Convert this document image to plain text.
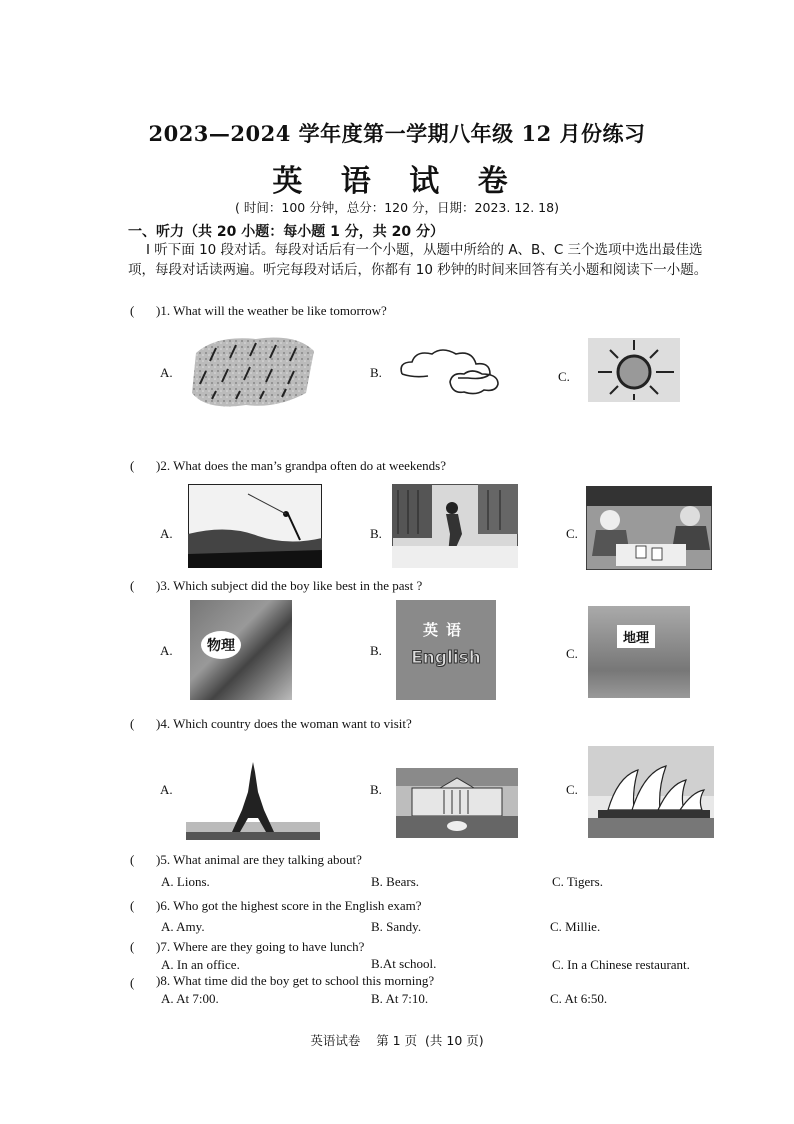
2023—2024 学年度第一学期八年级 12 月份练习
英 语 试 卷
( 时间：100 分钟，总分：120 分，日期：2023. 12. 18)
一、听力（共 20 小题：每小题 1 分，共 20 分）
Ⅰ 听下面 10 段对话。每段对话后有一个小题，从题中所给的 A、B、C 三个选项中选出最佳选项，每段对话读两遍。听完每段对话后，你都有 10 秒钟的时间来回答有关小题和阅读下一小题。
( )1. What will the weather be like tomorrow?
A.	B.	C.
( )2. What does the man’s grandpa often do at weekends?
A.	B.	C.
( )3. Which subject did the boy like best in the past ?
A.	B.	C.
物理
英语
English
地理
( )4. Which country does the woman want to visit?
A.	B.	C.
( )5. What animal are they talking about?
A. Lions.	B. Bears.	C. Tigers.
( )6. Who got the highest score in the English exam?
A. Amy.	B. Sandy.	C. Millie.
( )7. Where are they going to have lunch?
A. In an office.	B.At school.	C. In a Chinese restaurant.
( )8. What time did the boy get to school this morning?
A. At 7:00.	B. At 7:10.	C. At 6:50.
英语试卷    第 1 页  (共 10 页)
